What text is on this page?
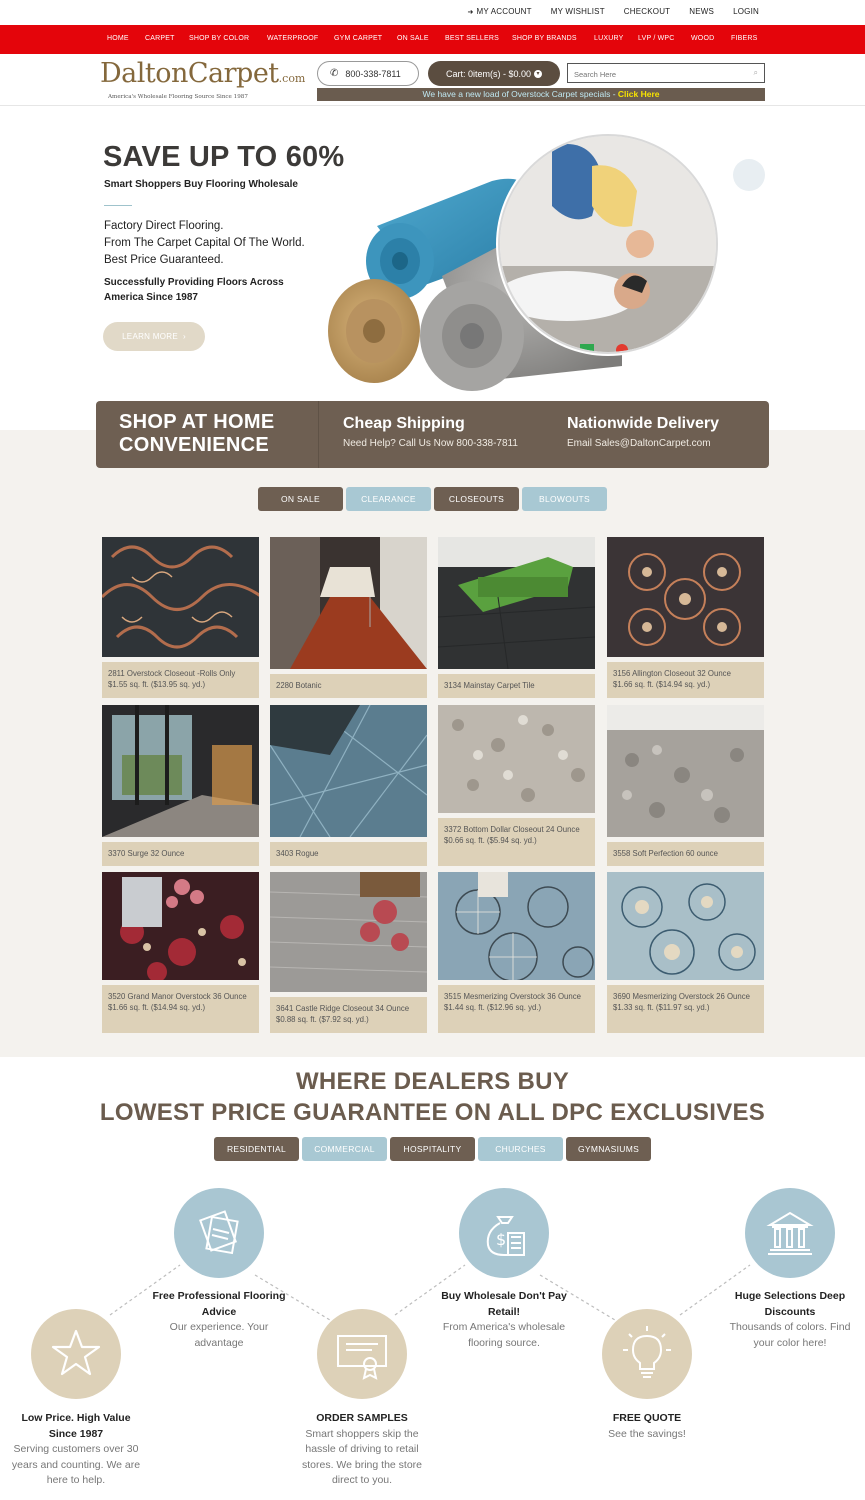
➜ MY ACCOUNT MY WISHLIST CHECKOUT NEWS LOGIN
HOME CARPET SHOP BY COLOR	WATERPROOF GYM CARPET ON SALE BEST SELLERS SHOP BY BRANDS LUXURY LVP / WPC WOOD FIBERS
DaltonCarpet.com
America's Wholesale Flooring Source Since 1987
✆ 800-338-7811	Cart: 0item(s) - $0.00 ▾
Search Here	⌕
We have a new load of Overstock Carpet specials - Click Here
SAVE UP TO 60%
Smart Shoppers Buy Flooring Wholesale
Factory Direct Flooring.
From The Carpet Capital Of The World.
Best Price Guaranteed.
Successfully Providing Floors Across America Since 1987
LEARN MORE ›
SHOP AT HOME CONVENIENCE
Cheap Shipping
Need Help? Call Us Now 800-338-7811
Nationwide Delivery
Email Sales@DaltonCarpet.com
ON SALE	CLEARANCE	CLOSEOUTS	BLOWOUTS
2811 Overstock Closeout -Rolls Only
$1.55 sq. ft. ($13.95 sq. yd.)	2280 Botanic	3134 Mainstay Carpet Tile
3156 Allington Closeout 32 Ounce
$1.66 sq. ft. ($14.94 sq. yd.)
3370 Surge 32 Ounce	3403 Rogue
3372 Bottom Dollar Closeout 24 Ounce
$0.66 sq. ft. ($5.94 sq. yd.)
3558 Soft Perfection 60 ounce
3520 Grand Manor Overstock 36 Ounce
$1.66 sq. ft. ($14.94 sq. yd.)	3641 Castle Ridge Closeout 34 Ounce
$0.88 sq. ft. ($7.92 sq. yd.)
3515 Mesmerizing Overstock 36 Ounce
$1.44 sq. ft. ($12.96 sq. yd.)
3690 Mesmerizing Overstock 26 Ounce
$1.33 sq. ft. ($11.97 sq. yd.)
WHERE DEALERS BUY
LOWEST PRICE GUARANTEE ON ALL DPC EXCLUSIVES
RESIDENTIAL	COMMERCIAL	HOSPITALITY	CHURCHES	GYMNASIUMS
$
Free Professional Flooring Advice
Our experience. Your advantage
Buy Wholesale Don't Pay Retail!
From America's wholesale flooring source.
Huge Selections Deep Discounts
Thousands of colors. Find your color here!
Low Price. High Value Since 1987
Serving customers over 30 years and counting. We are here to help.
ORDER SAMPLES
Smart shoppers skip the hassle of driving to retail stores. We bring the store direct to you.
FREE QUOTE
See the savings!
